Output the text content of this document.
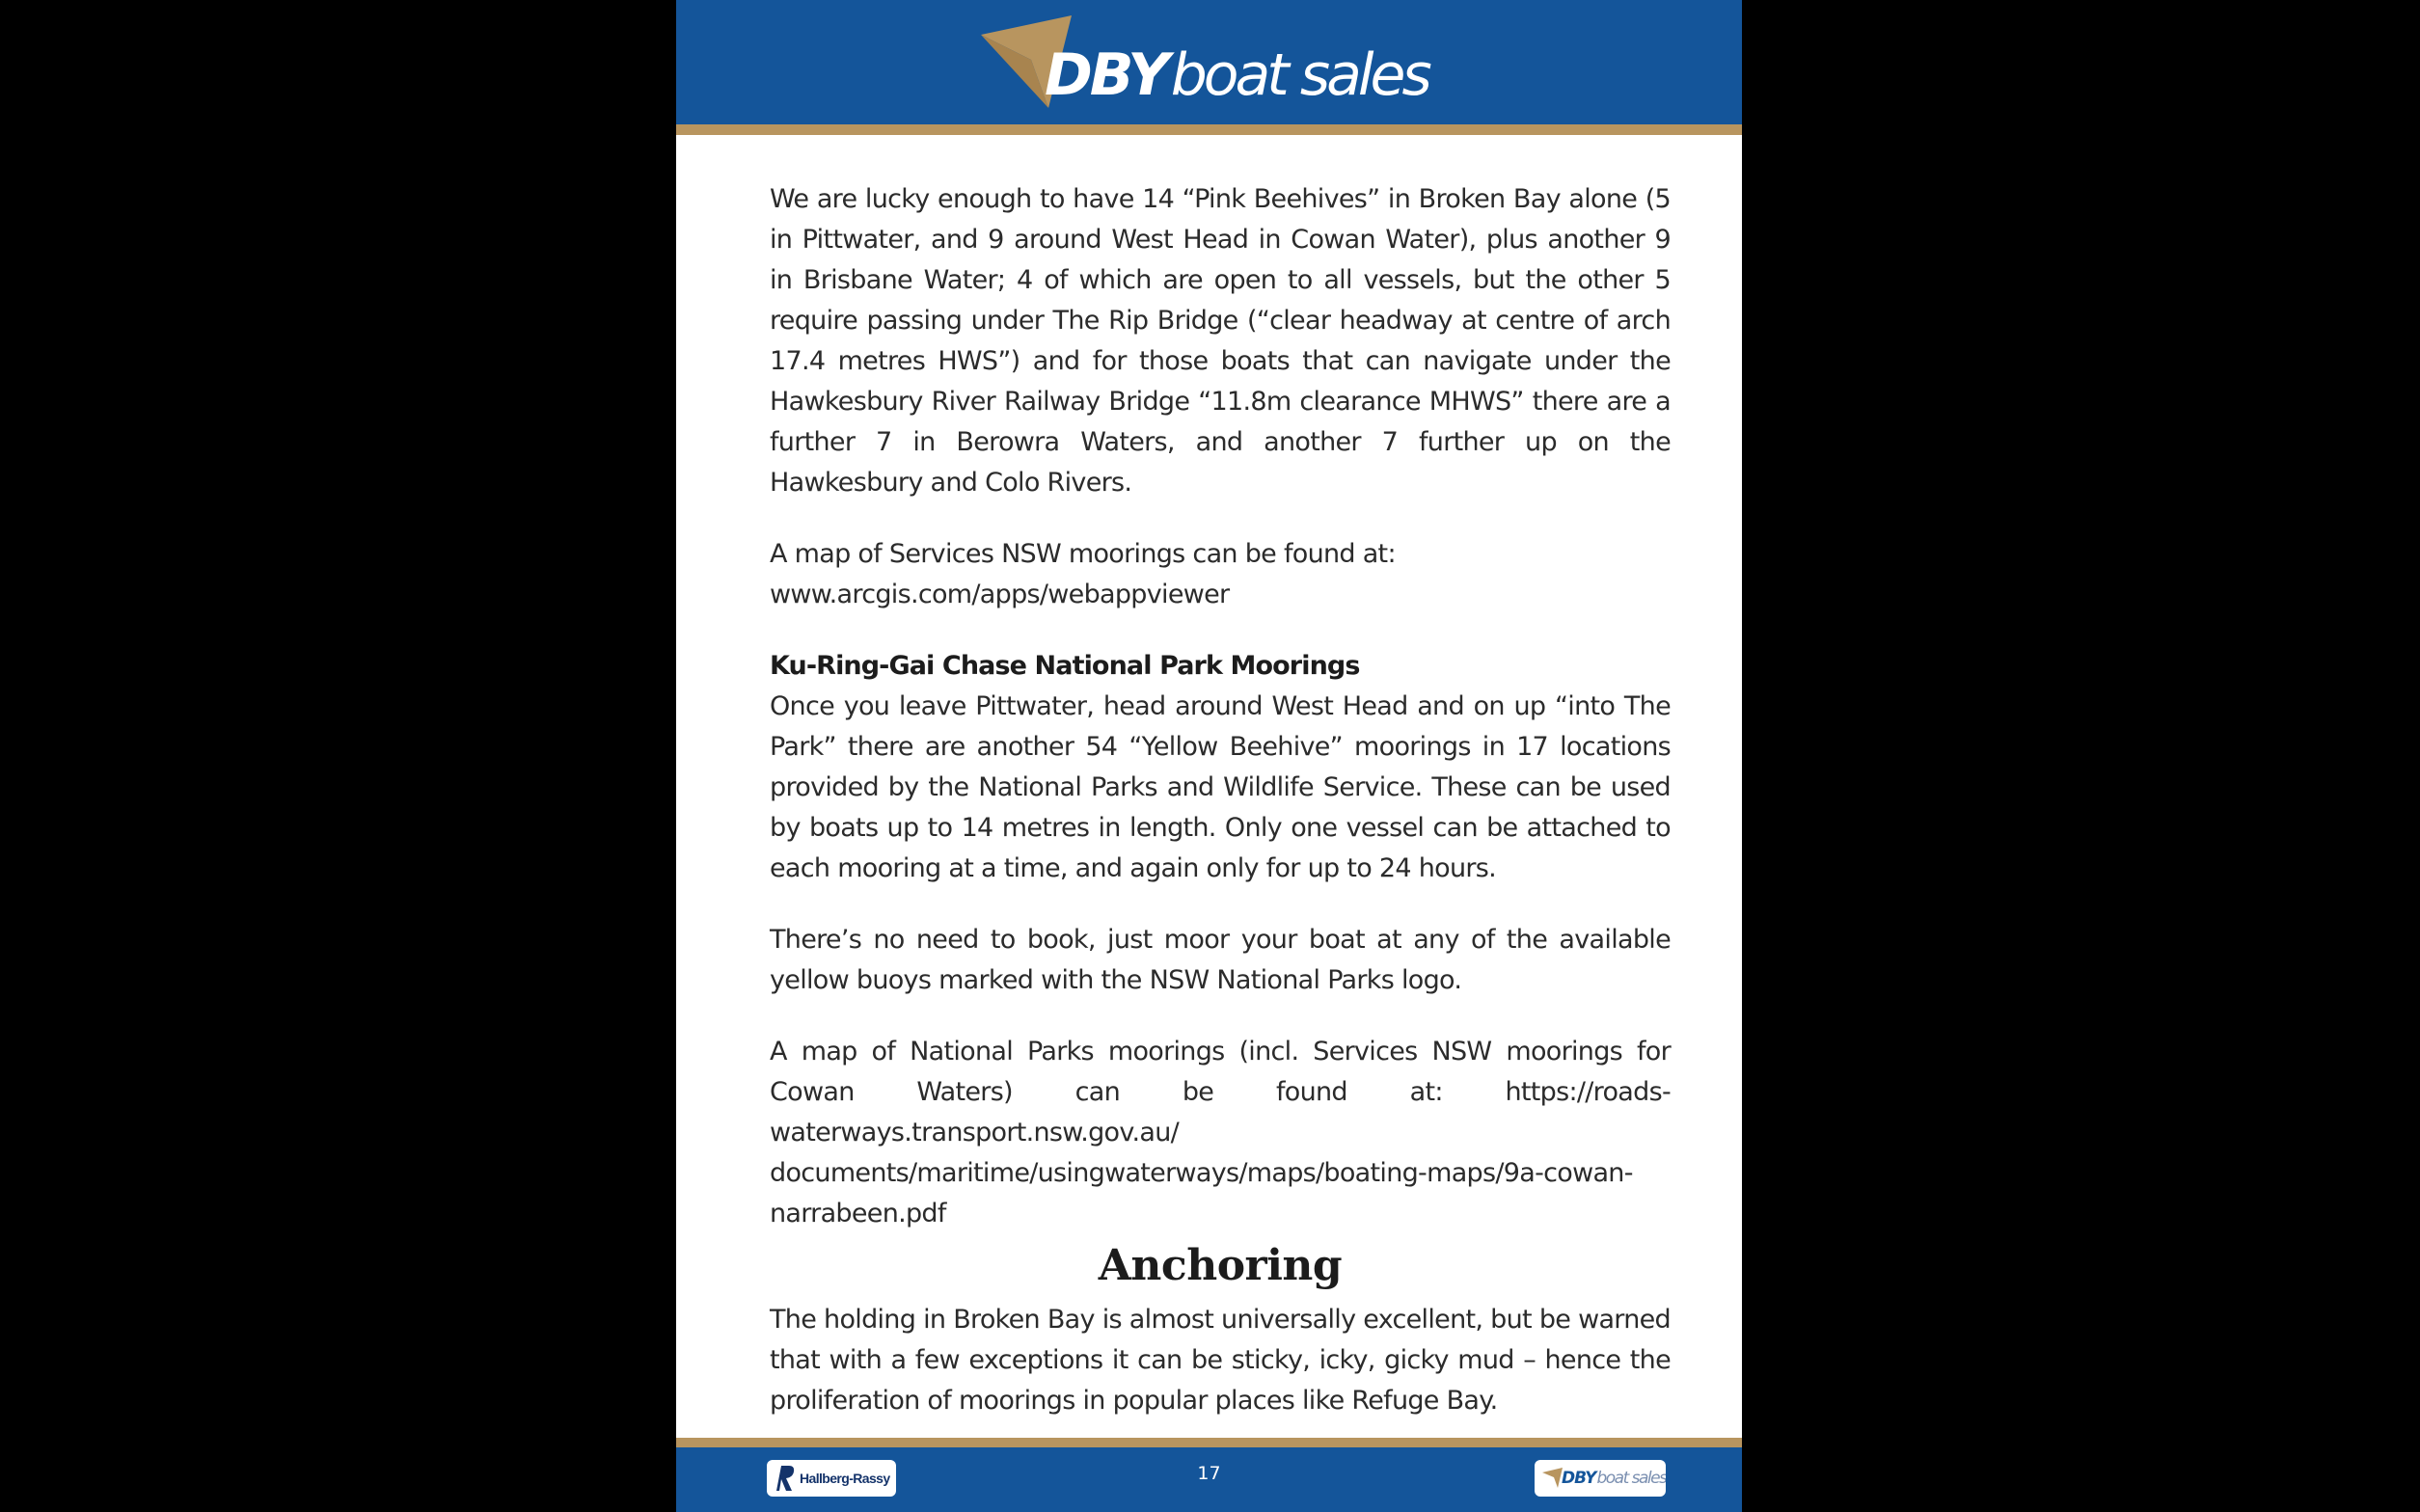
DBYboat sales

We are lucky enough to have 14 “Pink Beehives” in Broken Bay alone (5 in Pittwater, and 9 around West Head in Cowan Water), plus another 9 in Brisbane Water; 4 of which are open to all vessels, but the other 5 require passing under The Rip Bridge (“clear headway at centre of arch 17.4 metres HWS”) and for those boats that can navigate under the Hawkesbury River Railway Bridge “11.8m clearance MHWS” there are a further 7 in Berowra Waters, and another 7 further up on the Hawkesbury and Colo Rivers.

A map of Services NSW moorings can be found at:
www.arcgis.com/apps/webappviewer

Ku-Ring-Gai Chase National Park Moorings
Once you leave Pittwater, head around West Head and on up “into The Park” there are another 54 “Yellow Beehive” moorings in 17 locations provided by the National Parks and Wildlife Service. These can be used by boats up to 14 metres in length. Only one vessel can be attached to each mooring at a time, and again only for up to 24 hours.

There’s no need to book, just moor your boat at any of the available yellow buoys marked with the NSW National Parks logo.

A map of National Parks moorings (incl. Services NSW moorings for Cowan Waters) can be found at: https://roads-waterways.transport.nsw.gov.au/ documents/maritime/usingwaterways/maps/boating-maps/9a-cowan-narrabeen.pdf

Anchoring

The holding in Broken Bay is almost universally excellent, but be warned that with a few exceptions it can be sticky, icky, gicky mud – hence the proliferation of moorings in popular places like Refuge Bay.

Hallberg-Rassy	17	DBYboat sales
